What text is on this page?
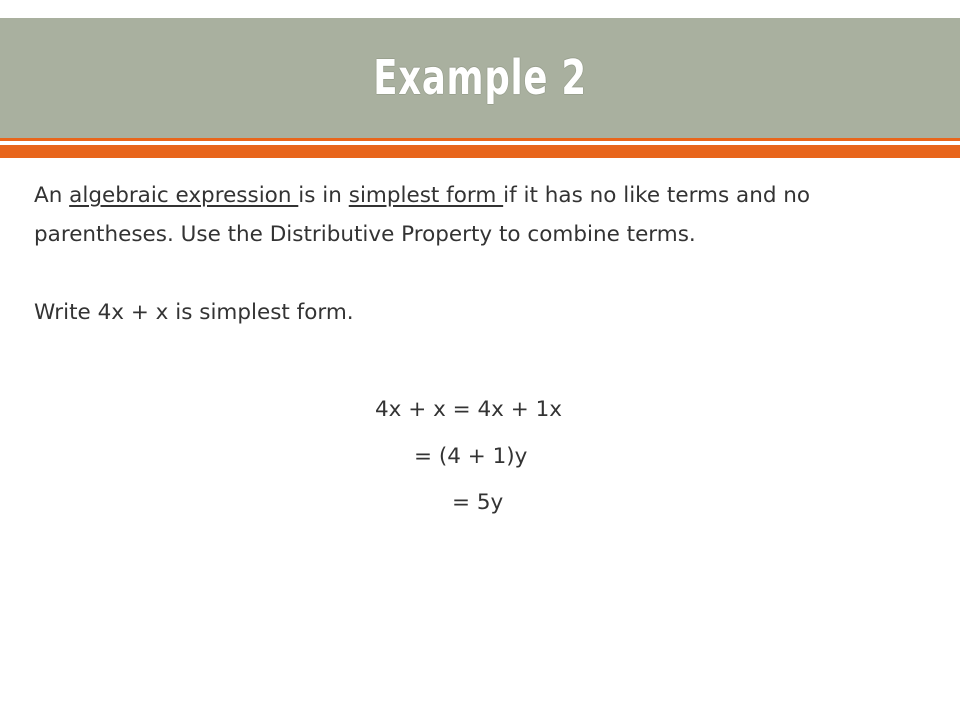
Example 2

An algebraic expression is in simplest form if it has no like terms and no parentheses. Use the Distributive Property to combine terms.

Write 4x + x is simplest form.

4x + x = 4x + 1x
= (4 + 1)y
= 5y
